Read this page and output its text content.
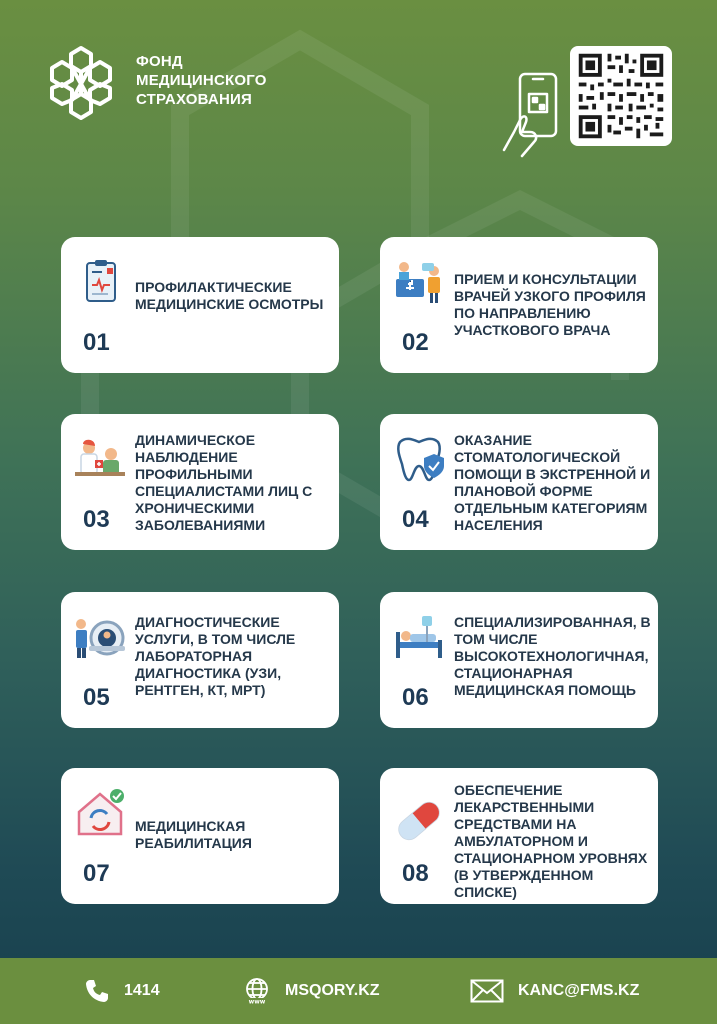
ФОНД
МЕДИЦИНСКОГО
СТРАХОВАНИЯ
ПРОФИЛАКТИЧЕСКИЕ МЕДИЦИНСКИЕ ОСМОТРЫ
01
ПРИЕМ И КОНСУЛЬТАЦИИ ВРАЧЕЙ УЗКОГО ПРОФИЛЯ ПО НАПРАВЛЕНИЮ УЧАСТКОВОГО ВРАЧА
02
ДИНАМИЧЕСКОЕ НАБЛЮДЕНИЕ ПРОФИЛЬНЫМИ СПЕЦИАЛИСТАМИ ЛИЦ С ХРОНИЧЕСКИМИ ЗАБОЛЕВАНИЯМИ
03
ОКАЗАНИЕ СТОМАТОЛОГИЧЕСКОЙ ПОМОЩИ В ЭКСТРЕННОЙ И ПЛАНОВОЙ ФОРМЕ ОТДЕЛЬНЫМ КАТЕГОРИЯМ НАСЕЛЕНИЯ
04
ДИАГНОСТИЧЕСКИЕ УСЛУГИ, В ТОМ ЧИСЛЕ ЛАБОРАТОРНАЯ ДИАГНОСТИКА (УЗИ, РЕНТГЕН, КТ, МРТ)
05
СПЕЦИАЛИЗИРОВАННАЯ, В ТОМ ЧИСЛЕ ВЫСОКОТЕХНОЛОГИЧНАЯ, СТАЦИОНАРНАЯ МЕДИЦИНСКАЯ ПОМОЩЬ
06
МЕДИЦИНСКАЯ РЕАБИЛИТАЦИЯ
07
ОБЕСПЕЧЕНИЕ ЛЕКАРСТВЕННЫМИ СРЕДСТВАМИ НА АМБУЛАТОРНОМ И СТАЦИОНАРНОМ УРОВНЯХ (В УТВЕРЖДЕННОМ СПИСКЕ)
08
1414
www
MSQORY.KZ	KANC@FMS.KZ
